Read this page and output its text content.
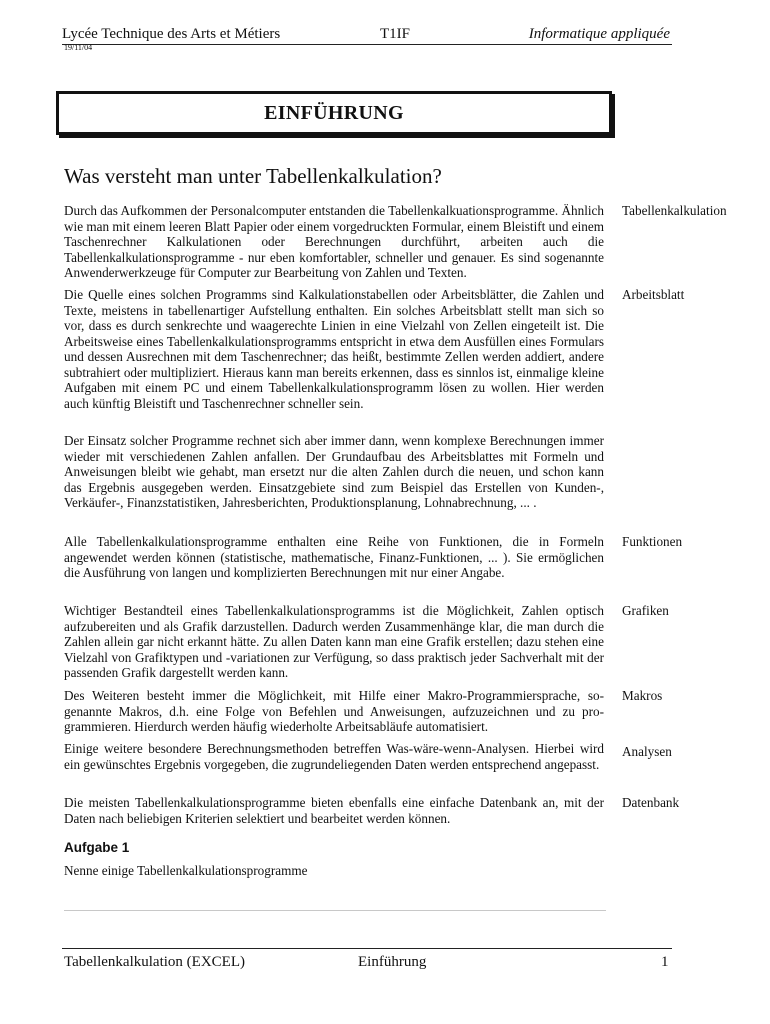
Lycée Technique des Arts et Métiers	T1IF	Informatique appliquée
19/11/04
EINFÜHRUNG
Was versteht man unter Tabellenkalkulation?
Durch das Aufkommen der Personalcomputer entstanden die Tabellenkalkuationsprogramme. Ähnlich wie man mit einem leeren Blatt Papier oder einem vorgedruckten Formular, einem Bleistift und einem Taschenrechner Kalkulationen oder Berechnungen durchführt, arbeiten auch die Tabellenkalkulationsprogramme - nur eben komfortabler, schneller und genauer. Es sind sogenannte Anwenderwerkzeuge für Computer zur Bearbeitung von Zahlen und Texten.
Tabellenkalkulation
Die Quelle eines solchen Programms sind Kalkulationstabellen oder Arbeitsblätter, die Zahlen und Texte, meistens in tabellenartiger Aufstellung enthalten. Ein solches Arbeitsblatt stellt man sich so vor, dass es durch senkrechte und waagerechte Linien in eine Vielzahl von Zellen eingeteilt ist. Die Arbeitsweise eines Tabellenkalkulationsprogramms entspricht in etwa dem Ausfüllen eines Formulars und dessen Ausrechnen mit dem Taschenrechner; das heißt, bestimmte Zellen werden addiert, andere subtrahiert oder multipliziert. Hieraus kann man bereits erkennen, dass es sinnlos ist, einmalige kleine Aufgaben mit einem PC und einem Tabellenkalkulationsprogramm lösen zu wollen. Hier werden auch künftig Bleistift und Taschenrechner schneller sein.
Arbeitsblatt
Der Einsatz solcher Programme rechnet sich aber immer dann, wenn komplexe Berechnungen immer wieder mit verschiedenen Zahlen anfallen. Der Grundaufbau des Arbeitsblattes mit Formeln und Anweisungen bleibt wie gehabt, man ersetzt nur die alten Zahlen durch die neuen, und schon kann das Ergebnis ausgegeben werden. Einsatzgebiete sind zum Beispiel das Erstellen von Kunden-, Verkäufer-, Finanzstatistiken, Jahresberichten, Produktionsplanung, Lohnabrechnung, ... .
Alle Tabellenkalkulationsprogramme enthalten eine Reihe von Funktionen, die in Formeln angewendet werden können (statistische, mathematische, Finanz-Funktionen, ... ). Sie ermöglichen die Ausführung von langen und komplizierten Berechnungen mit nur einer Angabe.
Funktionen
Wichtiger Bestandteil eines Tabellenkalkulationsprogramms ist die Möglichkeit, Zahlen optisch aufzubereiten und als Grafik darzustellen. Dadurch werden Zusammenhänge klar, die man durch die Zahlen allein gar nicht erkannt hätte. Zu allen Daten kann man eine Grafik erstellen; dazu stehen eine Vielzahl von Grafiktypen und -variationen zur Verfügung, so dass praktisch jeder Sachverhalt mit der passenden Grafik dargestellt werden kann.
Grafiken
Des Weiteren besteht immer die Möglichkeit, mit Hilfe einer Makro-Programmiersprache, so-genannte Makros, d.h. eine Folge von Befehlen und Anweisungen, aufzuzeichnen und zu pro-grammieren. Hierdurch werden häufig wiederholte Arbeitsabläufe automatisiert.
Makros
Einige weitere besondere Berechnungsmethoden betreffen Was-wäre-wenn-Analysen. Hierbei wird ein gewünschtes Ergebnis vorgegeben, die zugrundeliegenden Daten werden entsprechend angepasst.
Analysen
Die meisten Tabellenkalkulationsprogramme bieten ebenfalls eine einfache Datenbank an, mit der Daten nach beliebigen Kriterien selektiert und bearbeitet werden können.
Datenbank
Aufgabe 1
Nenne einige Tabellenkalkulationsprogramme
Tabellenkalkulation (EXCEL)	Einführung	1
